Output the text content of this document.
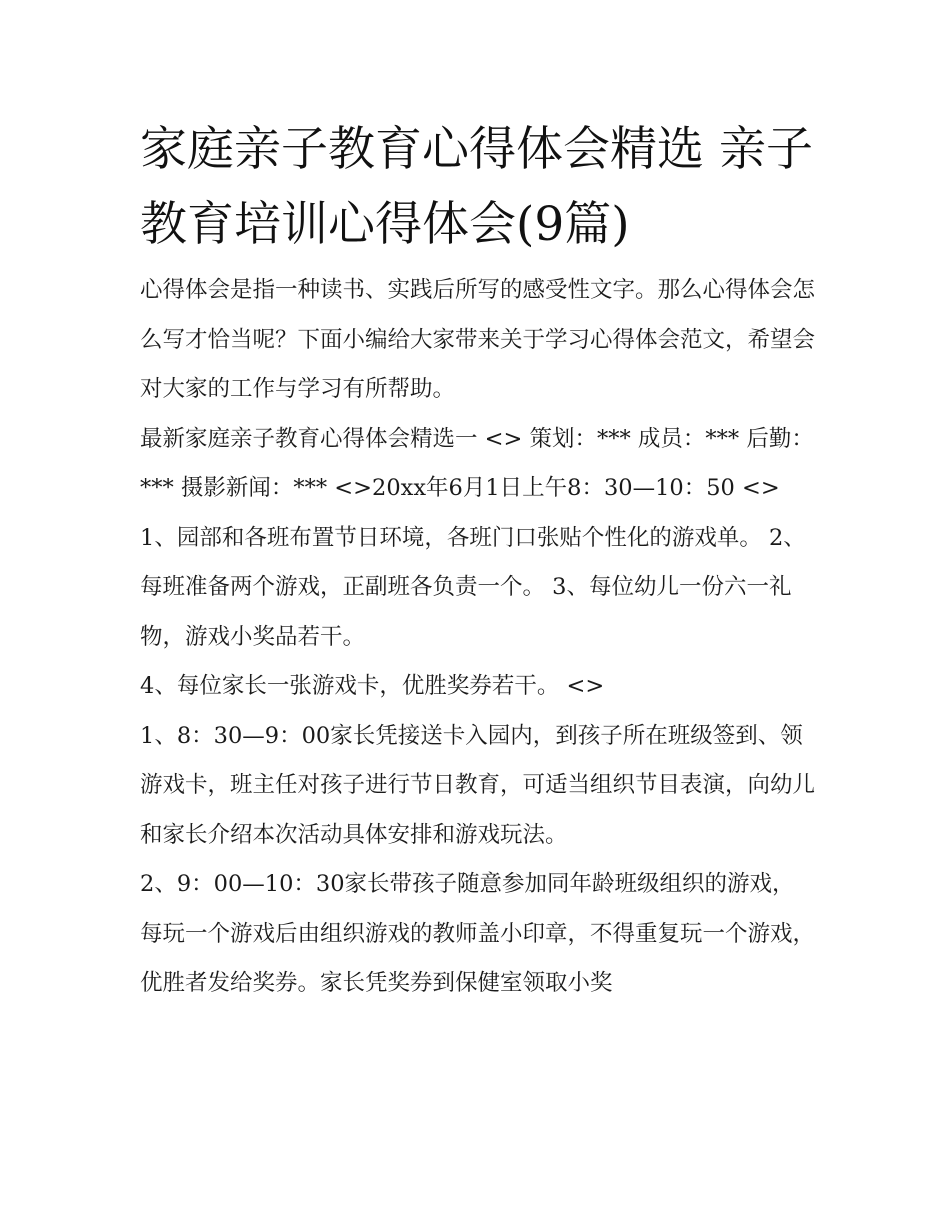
家庭亲子教育心得体会精选 亲子教育培训心得体会(9篇)

心得体会是指一种读书、实践后所写的感受性文字。那么心得体会怎么写才恰当呢？下面小编给大家带来关于学习心得体会范文，希望会对大家的工作与学习有所帮助。

最新家庭亲子教育心得体会精选一 <> 策划：*** 成员：*** 后勤：*** 摄影新闻：*** <>20xx年6月1日上午8：30—10：50 <>

1、园部和各班布置节日环境，各班门口张贴个性化的游戏单。 2、每班准备两个游戏，正副班各负责一个。 3、每位幼儿一份六一礼物，游戏小奖品若干。

4、每位家长一张游戏卡，优胜奖券若干。 <>

1、8：30—9：00家长凭接送卡入园内，到孩子所在班级签到、领游戏卡，班主任对孩子进行节日教育，可适当组织节目表演，向幼儿和家长介绍本次活动具体安排和游戏玩法。

2、9：00—10：30家长带孩子随意参加同年龄班级组织的游戏，每玩一个游戏后由组织游戏的教师盖小印章，不得重复玩一个游戏，优胜者发给奖券。家长凭奖券到保健室领取小奖
